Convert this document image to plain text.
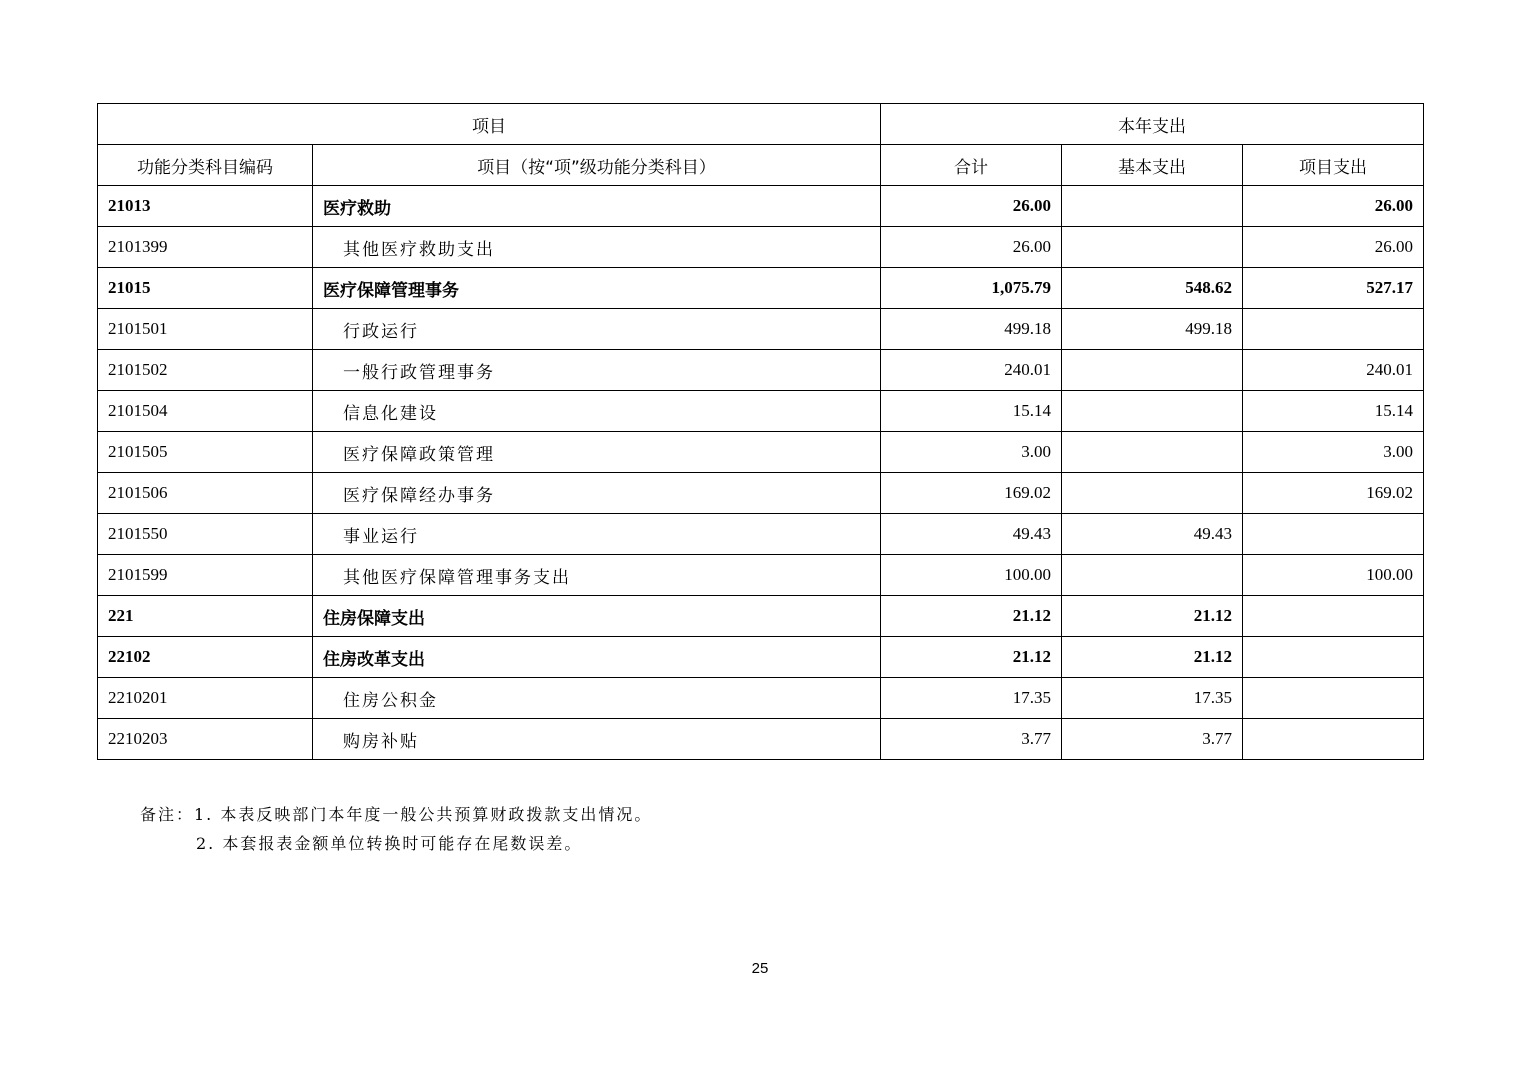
项目		本年支出		
功能分类科目编码	项目（按“项”级功能分类科目）	合计	基本支出	项目支出
21013	医疗救助	26.00		26.00
2101399	其他医疗救助支出	26.00		26.00
21015	医疗保障管理事务	1,075.79	548.62	527.17
2101501	行政运行	499.18	499.18	
2101502	一般行政管理事务	240.01		240.01
2101504	信息化建设	15.14		15.14
2101505	医疗保障政策管理	3.00		3.00
2101506	医疗保障经办事务	169.02		169.02
2101550	事业运行	49.43	49.43	
2101599	其他医疗保障管理事务支出	100.00		100.00
221	住房保障支出	21.12	21.12	
22102	住房改革支出	21.12	21.12	
2210201	住房公积金	17.35	17.35	
2210203	购房补贴	3.77	3.77	
备注：1. 本表反映部门本年度一般公共预算财政拨款支出情况。
2. 本套报表金额单位转换时可能存在尾数误差。
25
